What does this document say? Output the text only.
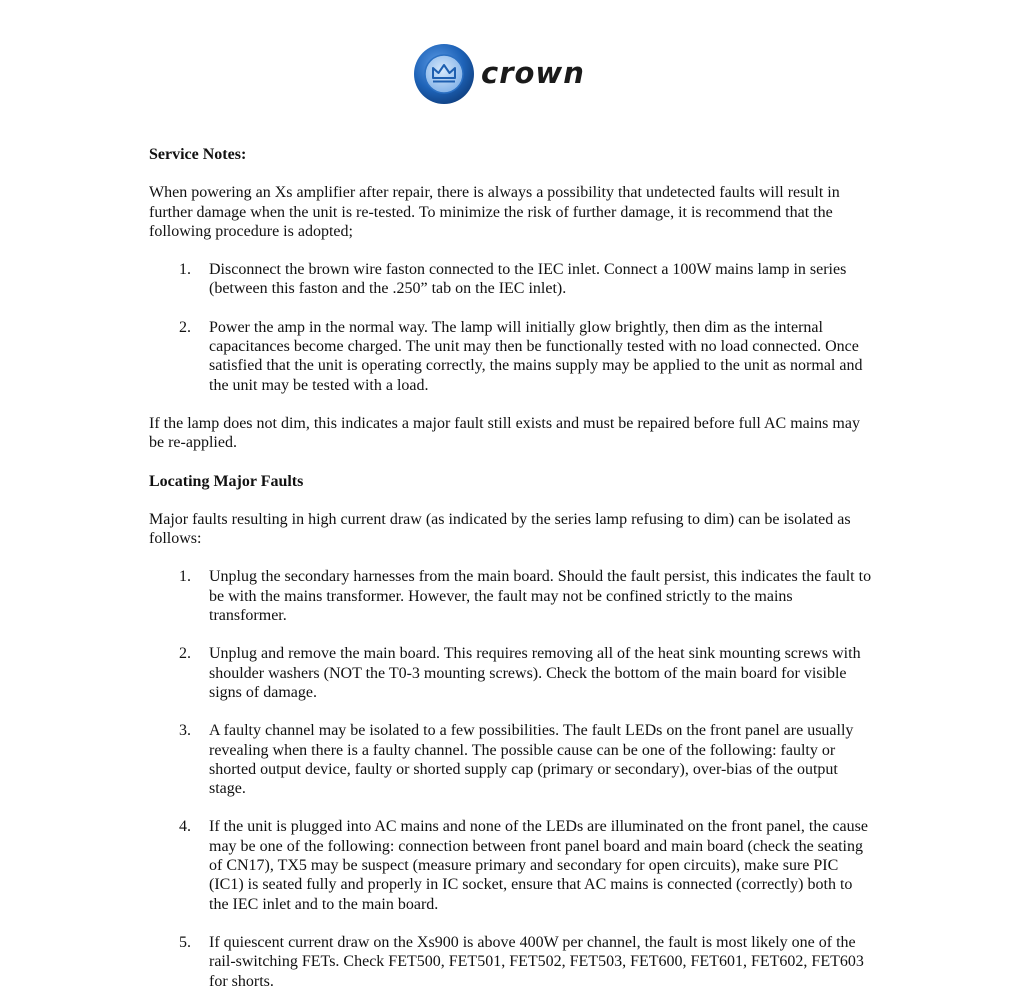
crown

Service Notes:

When powering an Xs amplifier after repair, there is always a possibility that undetected faults will result in further damage when the unit is re-tested. To minimize the risk of further damage, it is recommend that the following procedure is adopted;

1. Disconnect the brown wire faston connected to the IEC inlet. Connect a 100W mains lamp in series (between this faston and the .250” tab on the IEC inlet).
2. Power the amp in the normal way. The lamp will initially glow brightly, then dim as the internal capacitances become charged. The unit may then be functionally tested with no load connected. Once satisfied that the unit is operating correctly, the mains supply may be applied to the unit as normal and the unit may be tested with a load.

If the lamp does not dim, this indicates a major fault still exists and must be repaired before full AC mains may be re-applied.

Locating Major Faults

Major faults resulting in high current draw (as indicated by the series lamp refusing to dim) can be isolated as follows:

1. Unplug the secondary harnesses from the main board. Should the fault persist, this indicates the fault to be with the mains transformer. However, the fault may not be confined strictly to the mains transformer.
2. Unplug and remove the main board. This requires removing all of the heat sink mounting screws with shoulder washers (NOT the T0-3 mounting screws). Check the bottom of the main board for visible signs of damage.
3. A faulty channel may be isolated to a few possibilities. The fault LEDs on the front panel are usually revealing when there is a faulty channel. The possible cause can be one of the following: faulty or shorted output device, faulty or shorted supply cap (primary or secondary), over-bias of the output stage.
4. If the unit is plugged into AC mains and none of the LEDs are illuminated on the front panel, the cause may be one of the following: connection between front panel board and main board (check the seating of CN17), TX5 may be suspect (measure primary and secondary for open circuits), make sure PIC (IC1) is seated fully and properly in IC socket, ensure that AC mains is connected (correctly) both to the IEC inlet and to the main board.
5. If quiescent current draw on the Xs900 is above 400W per channel, the fault is most likely one of the rail-switching FETs. Check FET500, FET501, FET502, FET503, FET600, FET601, FET602, FET603 for shorts.
